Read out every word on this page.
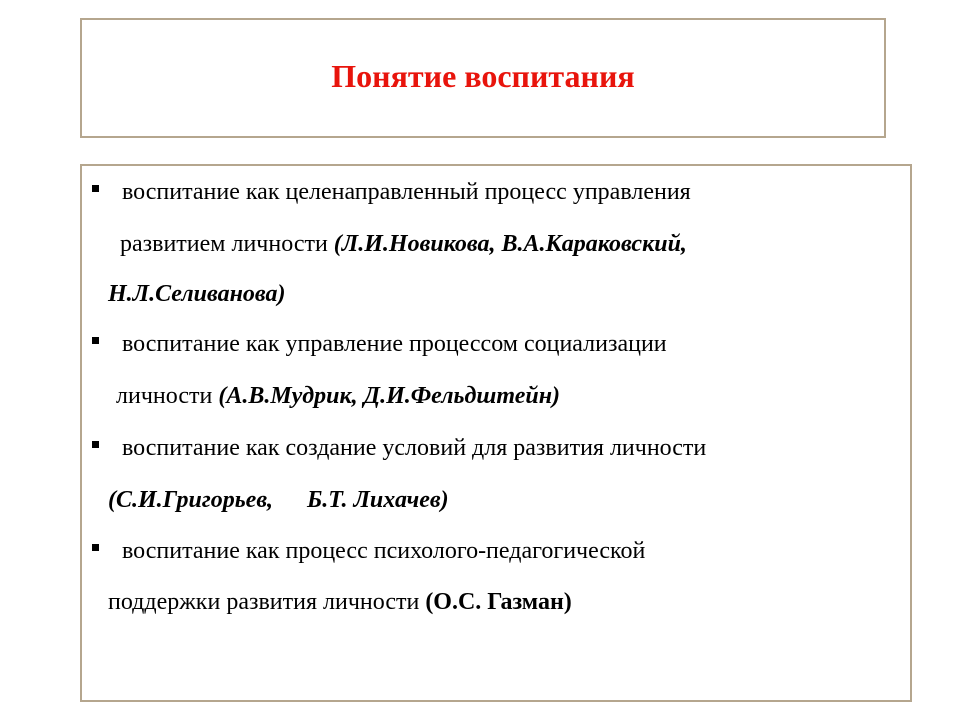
Понятие воспитания
воспитание как целенаправленный процесс управления
развитием личности (Л.И.Новикова, В.А.Караковский,
Н.Л.Селиванова)
воспитание как управление процессом социализации
личности (А.В.Мудрик, Д.И.Фельдштейн)
воспитание как создание условий для развития личности
(С.И.Григорьев, Б.Т. Лихачев)
воспитание как процесс психолого-педагогической
поддержки развития личности (О.С. Газман)
